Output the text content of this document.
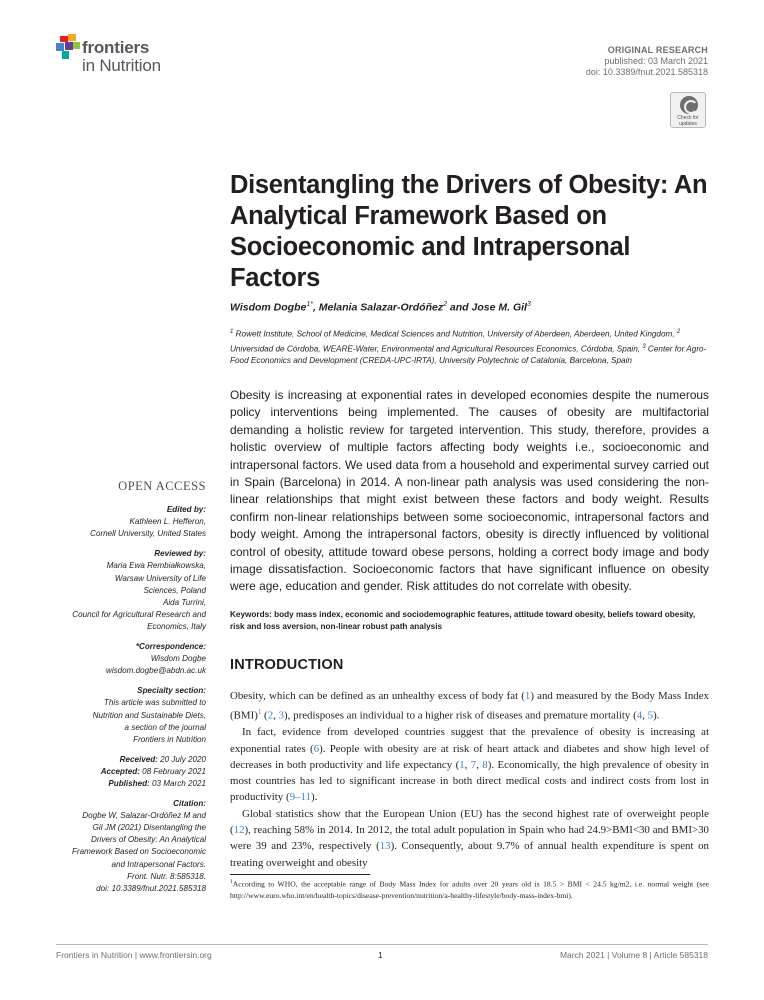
frontiers
in Nutrition
ORIGINAL RESEARCH
published: 03 March 2021
doi: 10.3389/fnut.2021.585318
Check for updates
Disentangling the Drivers of Obesity: An Analytical Framework Based on Socioeconomic and Intrapersonal Factors
Wisdom Dogbe$^{1*}$, Melania Salazar-Ordóñez$^2$ and Jose M. Gil$^3$
$^1$ Rowett Institute, School of Medicine, Medical Sciences and Nutrition, University of Aberdeen, Aberdeen, United Kingdom, $^2$ Universidad de Córdoba, WEARE-Water, Environmental and Agricultural Resources Economics, Córdoba, Spain, $^3$ Center for Agro-Food Economics and Development (CREDA-UPC-IRTA), University Polytechnic of Catalonia, Barcelona, Spain

Obesity is increasing at exponential rates in developed economies despite the numerous policy interventions being implemented. The causes of obesity are multifactorial demanding a holistic review for targeted intervention. This study, therefore, provides a holistic overview of multiple factors affecting body weights i.e., socioeconomic and intrapersonal factors. We used data from a household and experimental survey carried out in Spain (Barcelona) in 2014. A non-linear path analysis was used considering the non-linear relationships that might exist between these factors and body weight. Results confirm non-linear relationships between some socioeconomic, intrapersonal factors and body weight. Among the intrapersonal factors, obesity is directly influenced by volitional control of obesity, attitude toward obese persons, holding a correct body image and body image dissatisfaction. Socioeconomic factors that have significant influence on obesity were age, education and gender. Risk attitudes do not correlate with obesity.

Keywords: body mass index, economic and sociodemographic features, attitude toward obesity, beliefs toward obesity, risk and loss aversion, non-linear robust path analysis

OPEN ACCESS
Edited by:
Kathleen L. Hefferon,
Cornell University, United States
Reviewed by:
Maria Ewa Rembiałkowska,
Warsaw University of Life
Sciences, Poland
Aida Turrini,
Council for Agricultural Research and
Economics, Italy
*Correspondence:
Wisdom Dogbe
wisdom.dogbe@abdn.ac.uk
Specialty section:
This article was submitted to
Nutrition and Sustainable Diets,
a section of the journal
Frontiers in Nutrition
Received: 20 July 2020
Accepted: 08 February 2021
Published: 03 March 2021
Citation:
Dogbe W, Salazar-Ordóñez M and
Gil JM (2021) Disentangling the
Drivers of Obesity: An Analytical
Framework Based on Socioeconomic
and Intrapersonal Factors.
Front. Nutr. 8:585318.
doi: 10.3389/fnut.2021.585318
INTRODUCTION

Obesity, which can be defined as an unhealthy excess of body fat (1) and measured by the Body Mass Index (BMI)$^1$ (2, 3), predisposes an individual to a higher risk of diseases and premature mortality (4, 5).

In fact, evidence from developed countries suggest that the prevalence of obesity is increasing at exponential rates (6). People with obesity are at risk of heart attack and diabetes and show high level of decreases in both productivity and life expectancy (1, 7, 8). Economically, the high prevalence of obesity in most countries has led to significant increase in both direct medical costs and indirect costs from lost in productivity (9–11).

Global statistics show that the European Union (EU) has the second highest rate of overweight people (12), reaching 58% in 2014. In 2012, the total adult population in Spain who had 24.9>BMI<30 and BMI>30 were 39 and 23%, respectively (13). Consequently, about 9.7% of annual health expenditure is spent on treating overweight and obesity

$^1$According to WHO, the acceptable range of Body Mass Index for adults over 20 years old is 18.5 > BMI < 24.5 kg/m2, i.e. normal weight (see http://www.euro.who.int/en/health-topics/disease-prevention/nutrition/a-healthy-lifestyle/body-mass-index-bmi).

Frontiers in Nutrition | www.frontiersin.org	1	March 2021 | Volume 8 | Article 585318
